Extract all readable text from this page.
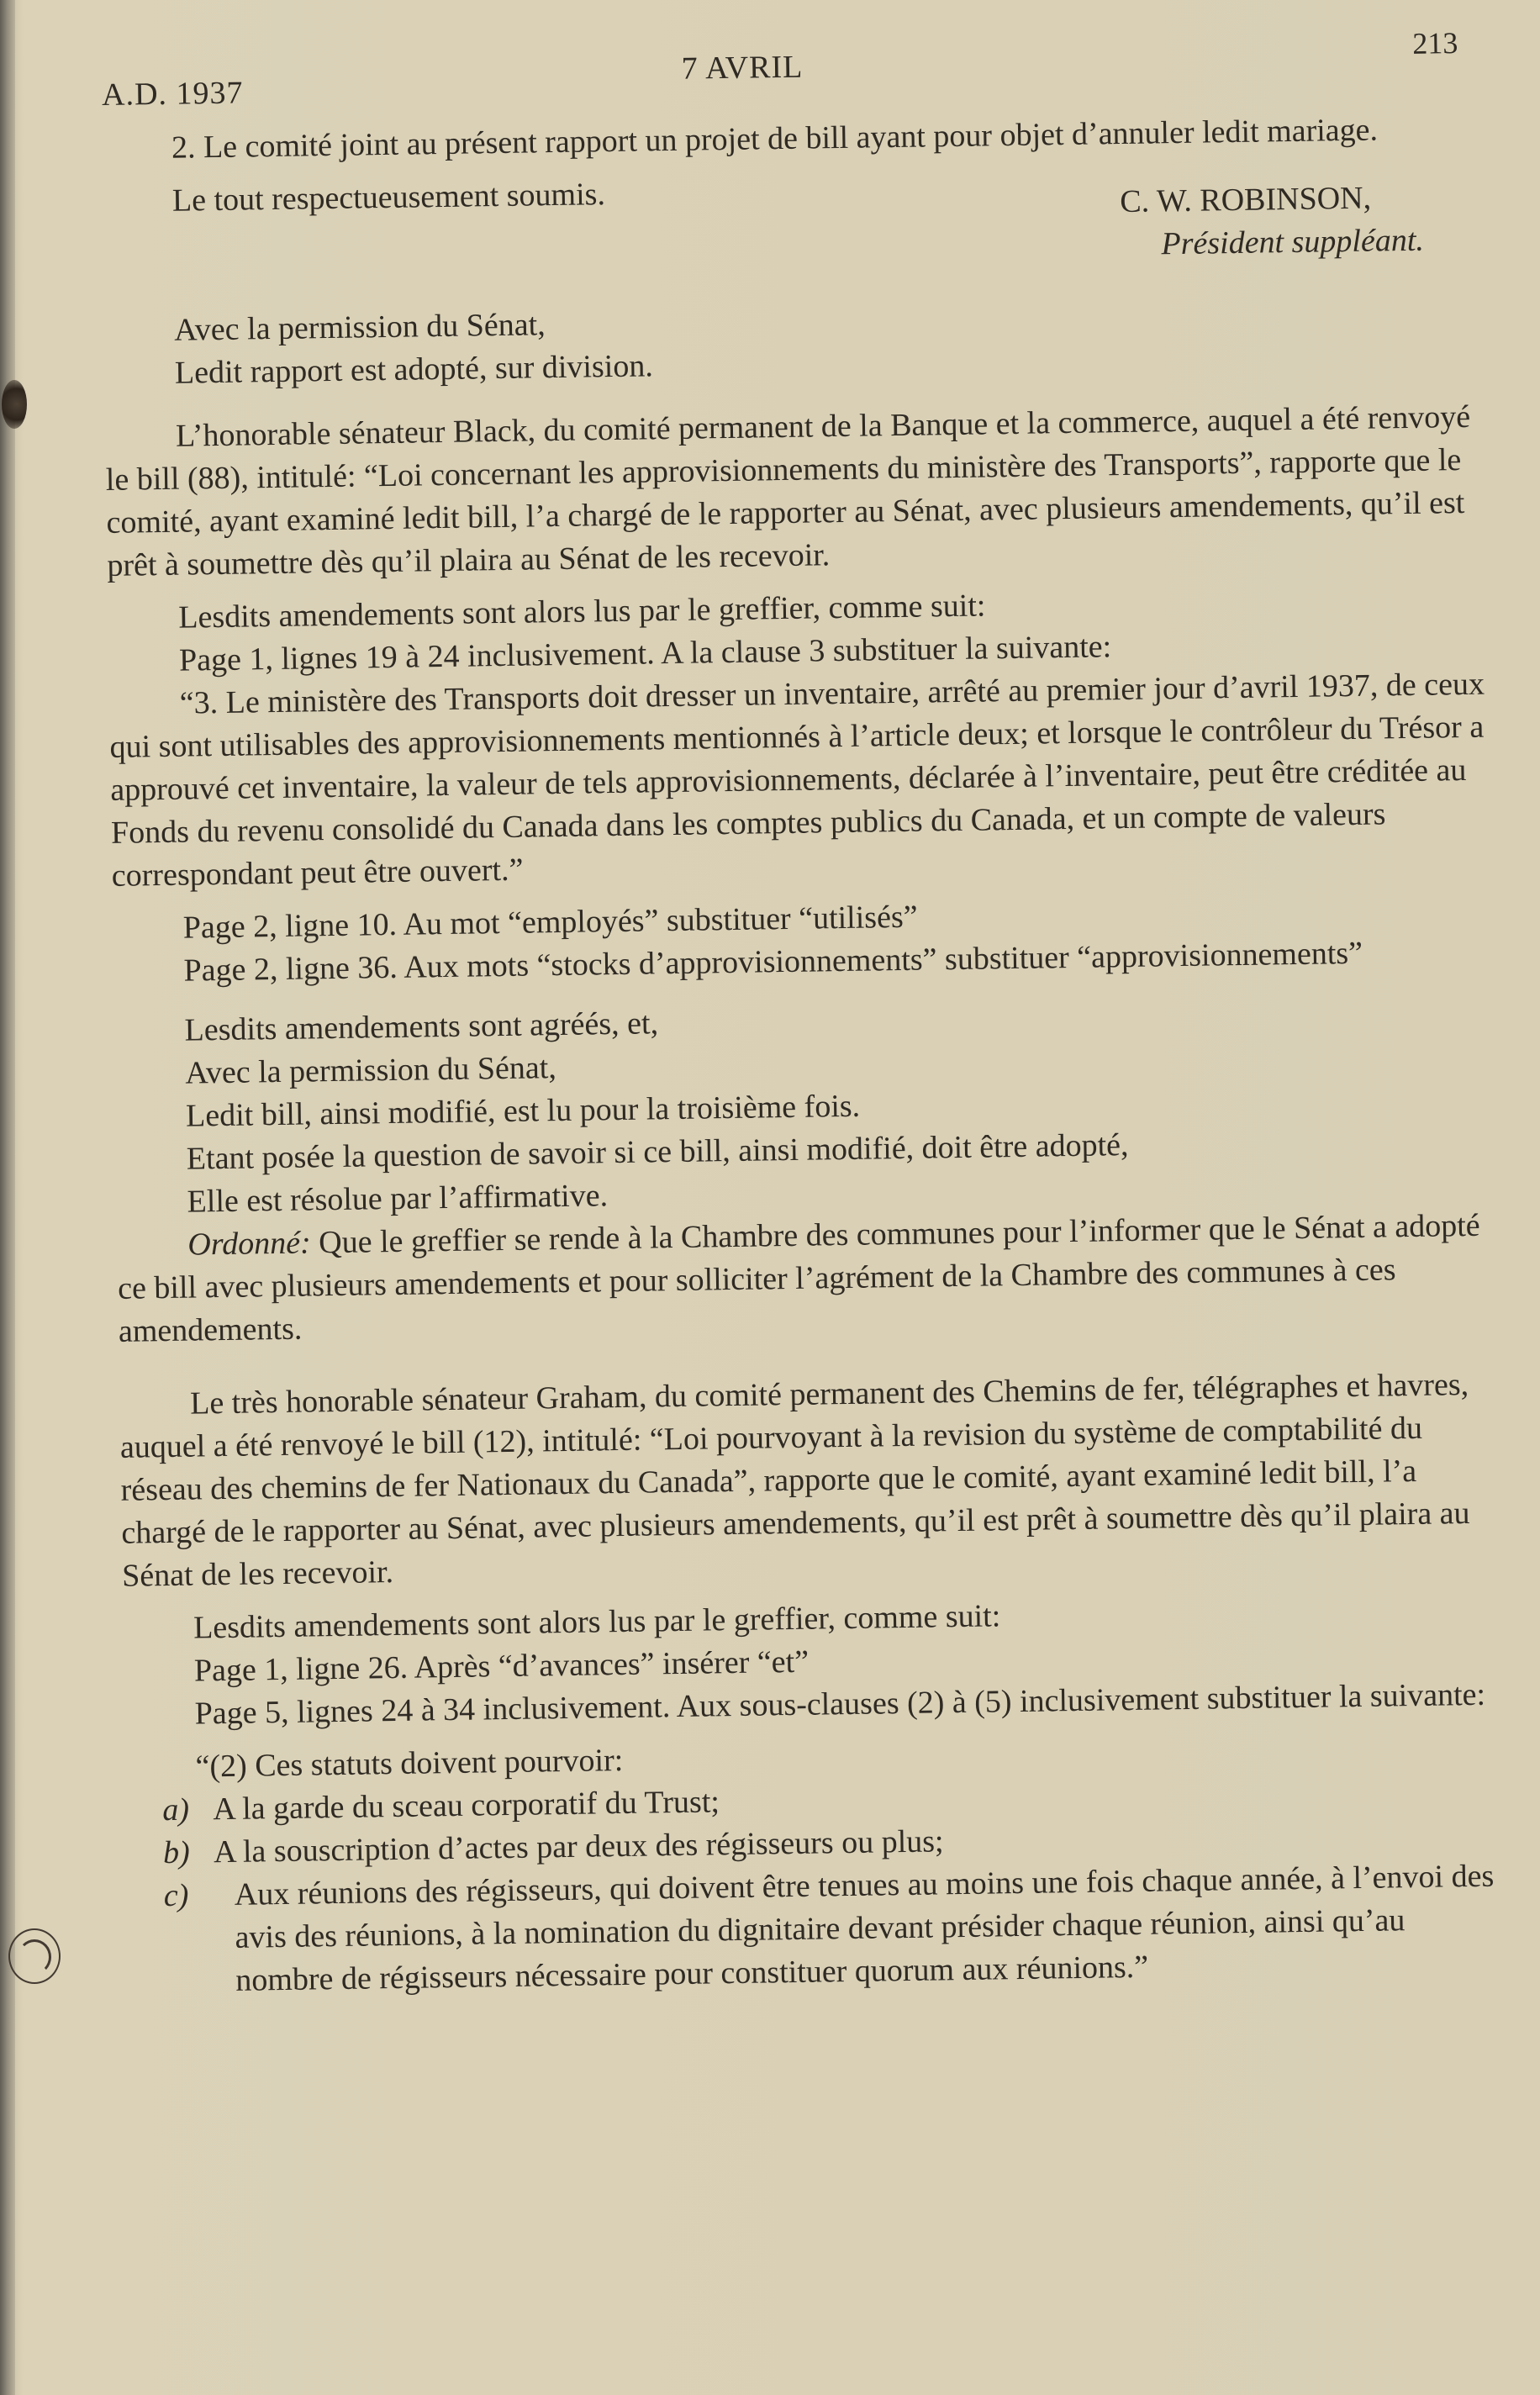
A.D. 1937
7 AVRIL
213

2. Le comité joint au présent rapport un projet de bill ayant pour objet d’annuler ledit mariage.

Le tout respectueusement soumis.	C. W. ROBINSON,
Président suppléant.

Avec la permission du Sénat,

Ledit rapport est adopté, sur division.

L’honorable sénateur Black, du comité permanent de la Banque et la commerce, auquel a été renvoyé le bill (88), intitulé: “Loi concernant les approvisionnements du ministère des Transports”, rapporte que le comité, ayant examiné ledit bill, l’a chargé de le rapporter au Sénat, avec plusieurs amendements, qu’il est prêt à soumettre dès qu’il plaira au Sénat de les recevoir.

Lesdits amendements sont alors lus par le greffier, comme suit:

Page 1, lignes 19 à 24 inclusivement. A la clause 3 substituer la suivante:

“3. Le ministère des Transports doit dresser un inventaire, arrêté au premier jour d’avril 1937, de ceux qui sont utilisables des approvisionnements mentionnés à l’article deux; et lorsque le contrôleur du Trésor a approuvé cet inventaire, la valeur de tels approvisionnements, déclarée à l’inventaire, peut être créditée au Fonds du revenu consolidé du Canada dans les comptes publics du Canada, et un compte de valeurs correspondant peut être ouvert.”

Page 2, ligne 10. Au mot “employés” substituer “utilisés”

Page 2, ligne 36. Aux mots “stocks d’approvisionnements” substituer “approvisionnements”

Lesdits amendements sont agréés, et,

Avec la permission du Sénat,

Ledit bill, ainsi modifié, est lu pour la troisième fois.

Etant posée la question de savoir si ce bill, ainsi modifié, doit être adopté,

Elle est résolue par l’affirmative.

Ordonné: Que le greffier se rende à la Chambre des communes pour l’informer que le Sénat a adopté ce bill avec plusieurs amendements et pour solliciter l’agrément de la Chambre des communes à ces amendements.

Le très honorable sénateur Graham, du comité permanent des Chemins de fer, télégraphes et havres, auquel a été renvoyé le bill (12), intitulé: “Loi pourvoyant à la revision du système de comptabilité du réseau des chemins de fer Nationaux du Canada”, rapporte que le comité, ayant examiné ledit bill, l’a chargé de le rapporter au Sénat, avec plusieurs amendements, qu’il est prêt à soumettre dès qu’il plaira au Sénat de les recevoir.

Lesdits amendements sont alors lus par le greffier, comme suit:

Page 1, ligne 26. Après “d’avances” insérer “et”

Page 5, lignes 24 à 34 inclusivement. Aux sous-clauses (2) à (5) inclusivement substituer la suivante:

“(2) Ces statuts doivent pourvoir:

a) A la garde du sceau corporatif du Trust;
b) A la souscription d’actes par deux des régisseurs ou plus;
c) Aux réunions des régisseurs, qui doivent être tenues au moins une fois chaque année, à l’envoi des avis des réunions, à la nomination du dignitaire devant présider chaque réunion, ainsi qu’au nombre de régisseurs nécessaire pour constituer quorum aux réunions.”
